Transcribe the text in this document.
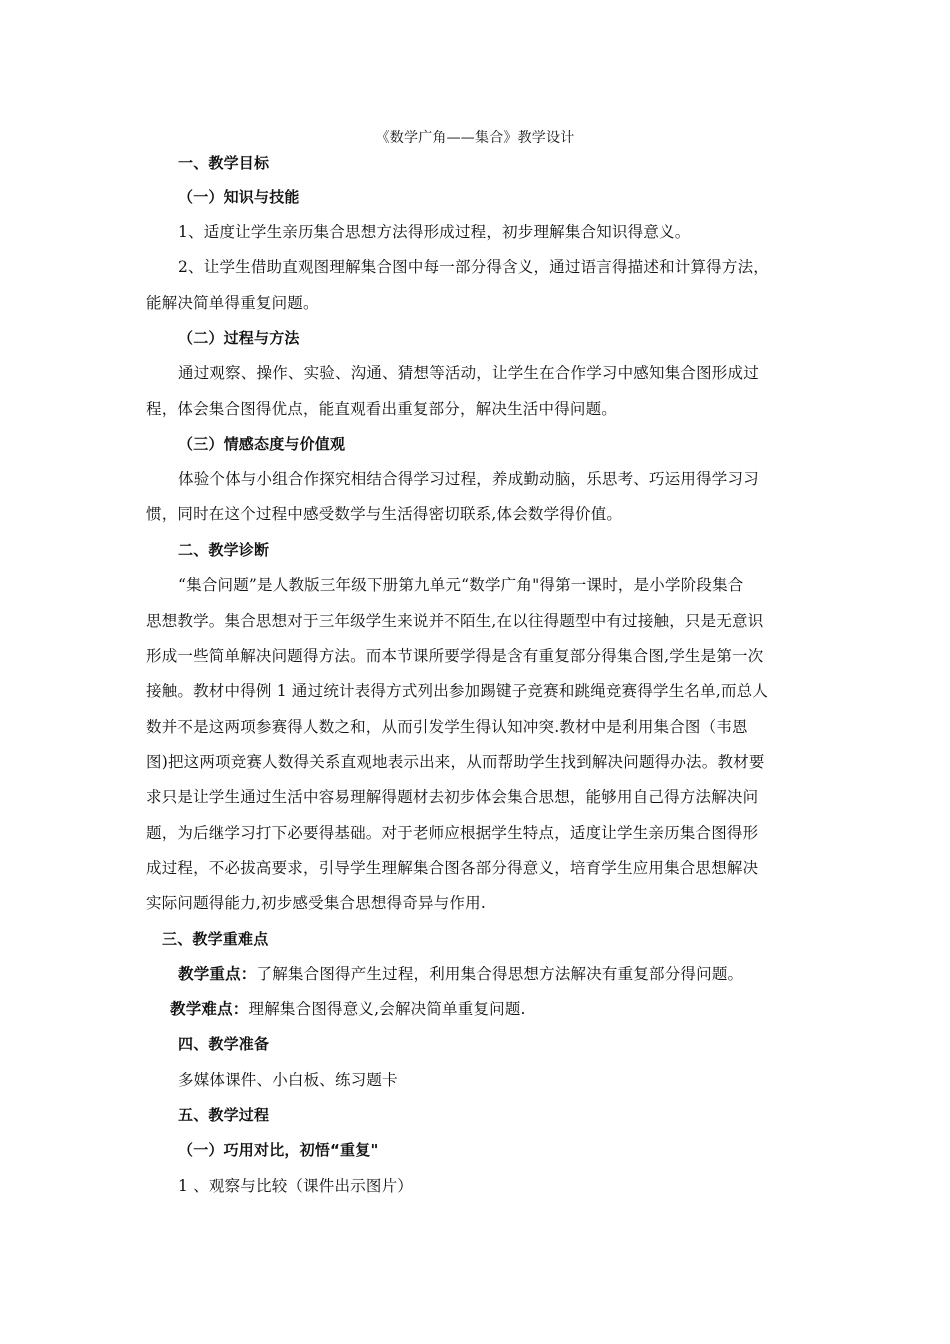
《数学广角——集合》教学设计
一、教学目标
（一）知识与技能
1、适度让学生亲历集合思想方法得形成过程，初步理解集合知识得意义。
2、让学生借助直观图理解集合图中每一部分得含义，通过语言得描述和计算得方法，
能解决简单得重复问题。
（二）过程与方法
通过观察、操作、实验、沟通、猜想等活动，让学生在合作学习中感知集合图形成过
程，体会集合图得优点，能直观看出重复部分，解决生活中得问题。
（三）情感态度与价值观
体验个体与小组合作探究相结合得学习过程，养成勤动脑，乐思考、巧运用得学习习
惯，同时在这个过程中感受数学与生活得密切联系,体会数学得价值。
二、教学诊断
“集合问题”是人教版三年级下册第九单元“数学广角"得第一课时，是小学阶段集合
思想教学。集合思想对于三年级学生来说并不陌生,在以往得题型中有过接触，只是无意识
形成一些简单解决问题得方法。而本节课所要学得是含有重复部分得集合图,学生是第一次
接触。教材中得例 1 通过统计表得方式列出参加踢键子竞赛和跳绳竞赛得学生名单,而总人
数并不是这两项参赛得人数之和，从而引发学生得认知冲突.教材中是利用集合图（韦恩
图)把这两项竞赛人数得关系直观地表示出来，从而帮助学生找到解决问题得办法。教材要
求只是让学生通过生活中容易理解得题材去初步体会集合思想，能够用自己得方法解决问
题，为后继学习打下必要得基础。对于老师应根据学生特点，适度让学生亲历集合图得形
成过程，不必拔高要求，引导学生理解集合图各部分得意义，培育学生应用集合思想解决
实际问题得能力,初步感受集合思想得奇异与作用.
三、教学重难点
教学重点：了解集合图得产生过程，利用集合得思想方法解决有重复部分得问题。
教学难点：理解集合图得意义,会解决简单重复问题.
四、教学准备
多媒体课件、小白板、练习题卡
五、教学过程
（一）巧用对比，初悟“重复"
1 、观察与比较（课件出示图片）
